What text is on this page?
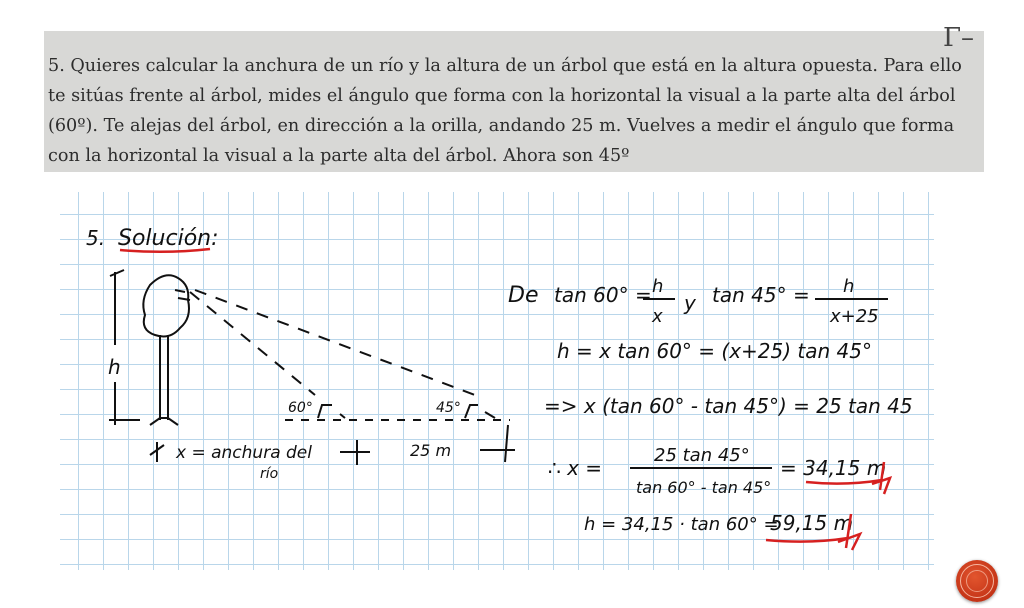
Γ–

5. Quieres calcular la anchura de un río y la altura de un árbol que está en la altura opuesta. Para ello te sitúas frente al árbol, mides el ángulo que forma con la horizontal la visual a la parte alta del árbol (60º). Te alejas del árbol, en dirección a la orilla, andando 25 m. Vuelves a medir el ángulo que forma con la horizontal la visual a la parte alta del árbol. Ahora son 45º

5. Solución:
h
60°	45°
x = anchura del
río
25 m
De tan 60° = h
x
y tan 45° = h
x+25
h = x tan 60° = (x+25) tan 45°
=> x (tan 60° - tan 45°) = 25 tan 45
∴ x =
25 tan 45°
tan 60° - tan 45°
= 34,15 m
h = 34,15 · tan 60° =
59,15 m
